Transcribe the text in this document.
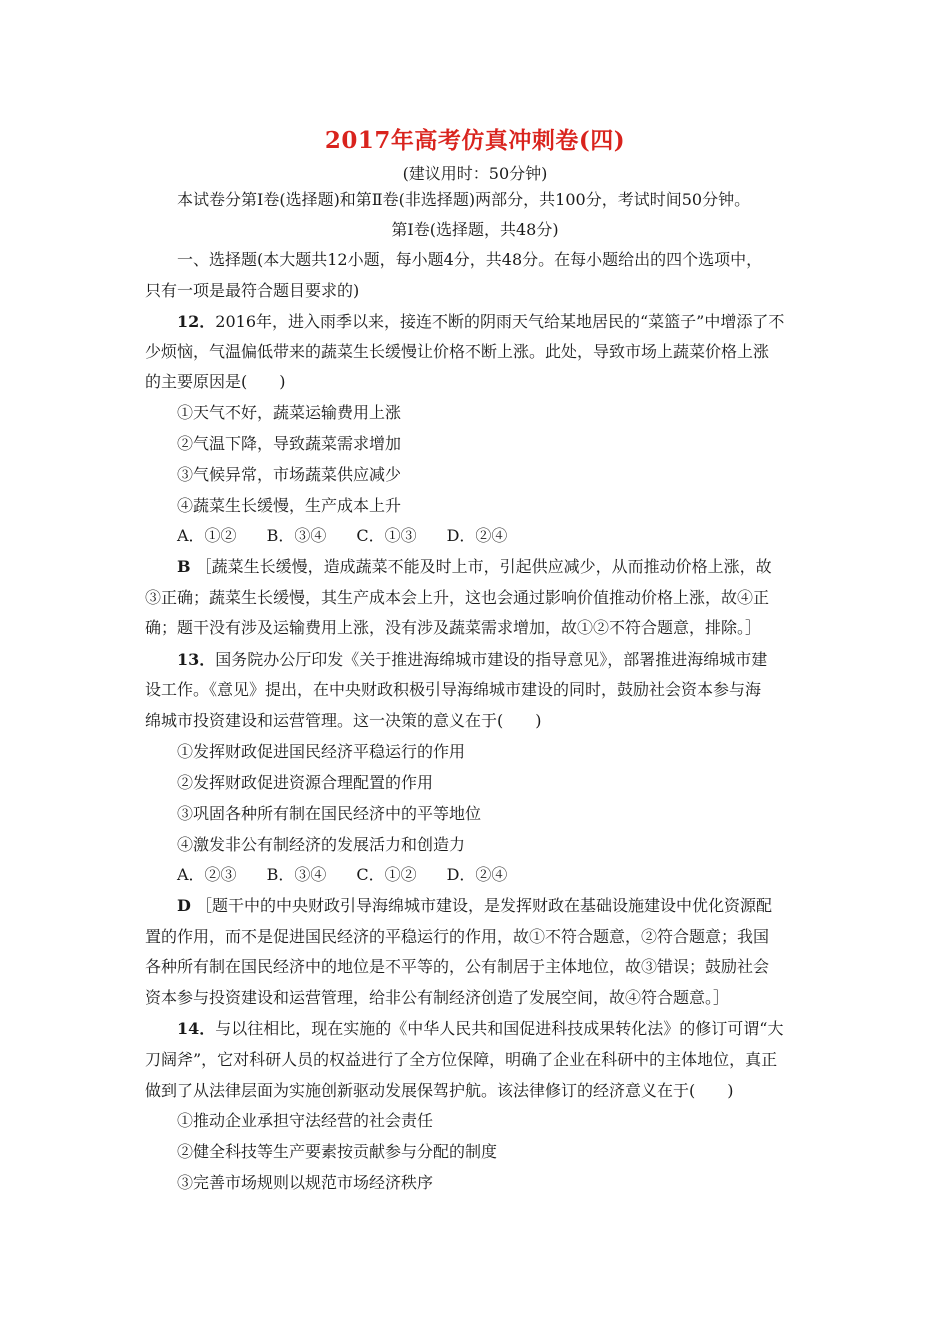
2017年高考仿真冲刺卷(四)
(建议用时：50分钟)
本试卷分第Ⅰ卷(选择题)和第Ⅱ卷(非选择题)两部分，共100分，考试时间50分钟。
第Ⅰ卷(选择题，共48分)
一、选择题(本大题共12小题，每小题4分，共48分。在每小题给出的四个选项中，
只有一项是最符合题目要求的)
12．2016年，进入雨季以来，接连不断的阴雨天气给某地居民的“菜篮子”中增添了不
少烦恼，气温偏低带来的蔬菜生长缓慢让价格不断上涨。此处，导致市场上蔬菜价格上涨
的主要原因是(　　)
①天气不好，蔬菜运输费用上涨
②气温下降，导致蔬菜需求增加
③气候异常，市场蔬菜供应减少
④蔬菜生长缓慢，生产成本上升
A．①② B．③④ C．①③ D．②④
B ［蔬菜生长缓慢，造成蔬菜不能及时上市，引起供应减少，从而推动价格上涨，故
③正确；蔬菜生长缓慢，其生产成本会上升，这也会通过影响价值推动价格上涨，故④正
确；题干没有涉及运输费用上涨，没有涉及蔬菜需求增加，故①②不符合题意，排除。］
13．国务院办公厅印发《关于推进海绵城市建设的指导意见》，部署推进海绵城市建
设工作。《意见》提出，在中央财政积极引导海绵城市建设的同时，鼓励社会资本参与海
绵城市投资建设和运营管理。这一决策的意义在于(　　)
①发挥财政促进国民经济平稳运行的作用
②发挥财政促进资源合理配置的作用
③巩固各种所有制在国民经济中的平等地位
④激发非公有制经济的发展活力和创造力
A．②③ B．③④ C．①② D．②④
D ［题干中的中央财政引导海绵城市建设，是发挥财政在基础设施建设中优化资源配
置的作用，而不是促进国民经济的平稳运行的作用，故①不符合题意，②符合题意；我国
各种所有制在国民经济中的地位是不平等的，公有制居于主体地位，故③错误；鼓励社会
资本参与投资建设和运营管理，给非公有制经济创造了发展空间，故④符合题意。］
14．与以往相比，现在实施的《中华人民共和国促进科技成果转化法》的修订可谓“大
刀阔斧”，它对科研人员的权益进行了全方位保障，明确了企业在科研中的主体地位，真正
做到了从法律层面为实施创新驱动发展保驾护航。该法律修订的经济意义在于(　　)
①推动企业承担守法经营的社会责任
②健全科技等生产要素按贡献参与分配的制度
③完善市场规则以规范市场经济秩序
